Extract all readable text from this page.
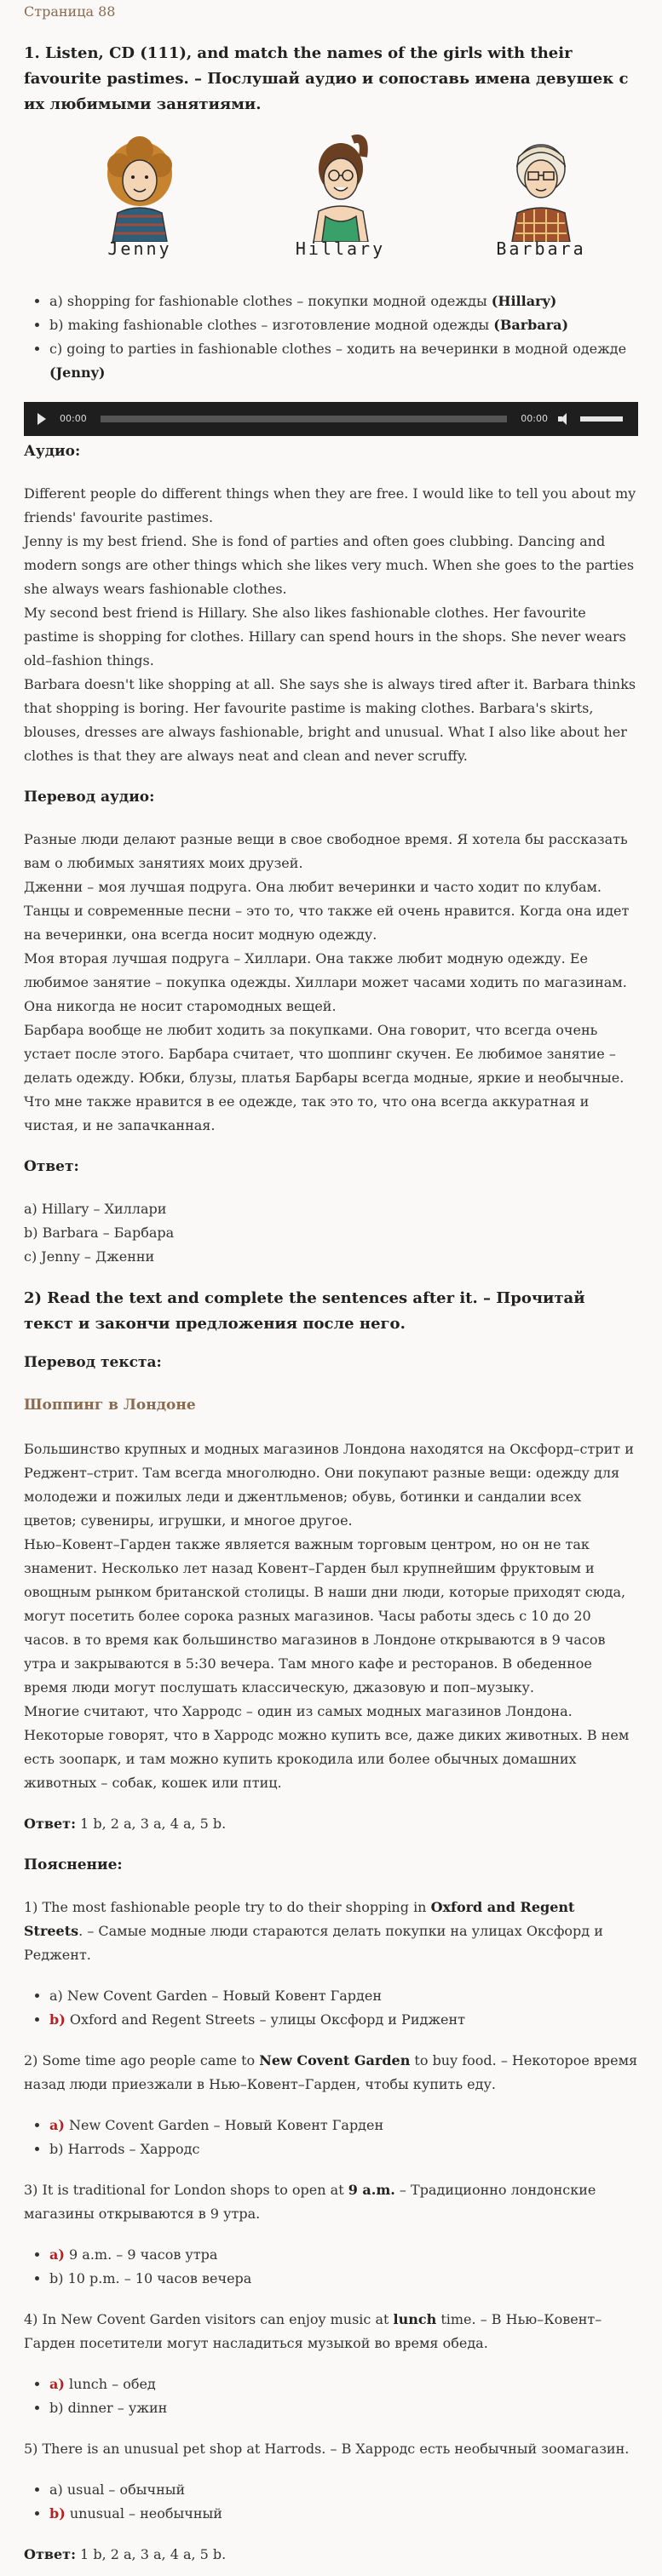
Страница 88
1. Listen, CD (111), and match the names of the girls with their favourite pastimes. – Послушай аудио и сопоставь имена девушек с их любимыми занятиями.
Jenny	Hillary	Barbara
• a) shopping for fashionable clothes – покупки модной одежды (Hillary)
• b) making fashionable clothes – изготовление модной одежды (Barbara)
• c) going to parties in fashionable clothes – ходить на вечеринки в модной одежде (Jenny)
00:00	00:00
Аудио:

Different people do different things when they are free. I would like to tell you about my friends' favourite pastimes.

Jenny is my best friend. She is fond of parties and often goes clubbing. Dancing and modern songs are other things which she likes very much. When she goes to the parties she always wears fashionable clothes.

My second best friend is Hillary. She also likes fashionable clothes. Her favourite pastime is shopping for clothes. Hillary can spend hours in the shops. She never wears old–fashion things.

Barbara doesn't like shopping at all. She says she is always tired after it. Barbara thinks that shopping is boring. Her favourite pastime is making clothes. Barbara's skirts, blouses, dresses are always fashionable, bright and unusual. What I also like about her clothes is that they are always neat and clean and never scruffy.

Перевод аудио:

Разные люди делают разные вещи в свое свободное время. Я хотела бы рассказать вам о любимых занятиях моих друзей.

Дженни – моя лучшая подруга. Она любит вечеринки и часто ходит по клубам. Танцы и современные песни – это то, что также ей очень нравится. Когда она идет на вечеринки, она всегда носит модную одежду.

Моя вторая лучшая подруга – Хиллари. Она также любит модную одежду. Ее любимое занятие – покупка одежды. Хиллари может часами ходить по магазинам. Она никогда не носит старомодных вещей.

Барбара вообще не любит ходить за покупками. Она говорит, что всегда очень устает после этого. Барбара считает, что шоппинг скучен. Ее любимое занятие – делать одежду. Юбки, блузы, платья Барбары всегда модные, яркие и необычные. Что мне также нравится в ее одежде, так это то, что она всегда аккуратная и чистая, и не запачканная.

Ответ:

a) Hillary – Хиллари

b) Barbara – Барбара

c) Jenny – Дженни

2) Read the text and complete the sentences after it. – Прочитай текст и закончи предложения после него.
Перевод текста:
Шоппинг в Лондоне

Большинство крупных и модных магазинов Лондона находятся на Оксфорд–стрит и Реджент–стрит. Там всегда многолюдно. Они покупают разные вещи: одежду для молодежи и пожилых леди и джентльменов; обувь, ботинки и сандалии всех цветов; сувениры, игрушки, и многое другое.

Нью–Ковент–Гарден также является важным торговым центром, но он не так знаменит. Несколько лет назад Ковент–Гарден был крупнейшим фруктовым и овощным рынком британской столицы. В наши дни люди, которые приходят сюда, могут посетить более сорока разных магазинов. Часы работы здесь с 10 до 20 часов. в то время как большинство магазинов в Лондоне открываются в 9 часов утра и закрываются в 5:30 вечера. Там много кафе и ресторанов. В обеденное время люди могут послушать классическую, джазовую и поп–музыку.

Многие считают, что Харродс – один из самых модных магазинов Лондона. Некоторые говорят, что в Харродс можно купить все, даже диких животных. В нем есть зоопарк, и там можно купить крокодила или более обычных домашних животных – собак, кошек или птиц.

Ответ: 1 b, 2 a, 3 a, 4 a, 5 b.

Пояснение:

1) The most fashionable people try to do their shopping in Oxford and Regent Streets. – Самые модные люди стараются делать покупки на улицах Оксфорд и Реджент.

• a) New Covent Garden – Новый Ковент Гарден
• b) Oxford and Regent Streets – улицы Оксфорд и Риджент

2) Some time ago people came to New Covent Garden to buy food. – Некоторое время назад люди приезжали в Нью–Ковент–Гарден, чтобы купить еду.

• a) New Covent Garden – Новый Ковент Гарден
• b) Harrods – Харродс

3) It is traditional for London shops to open at 9 a.m. – Традиционно лондонские магазины открываются в 9 утра.

• a) 9 a.m. – 9 часов утра
• b) 10 p.m. – 10 часов вечера

4) In New Covent Garden visitors can enjoy music at lunch time. – В Нью–Ковент–Гарден посетители могут насладиться музыкой во время обеда.

• a) lunch – обед
• b) dinner – ужин

5) There is an unusual pet shop at Harrods. – В Харродс есть необычный зоомагазин.

• a) usual – обычный
• b) unusual – необычный

Ответ: 1 b, 2 a, 3 a, 4 a, 5 b.
